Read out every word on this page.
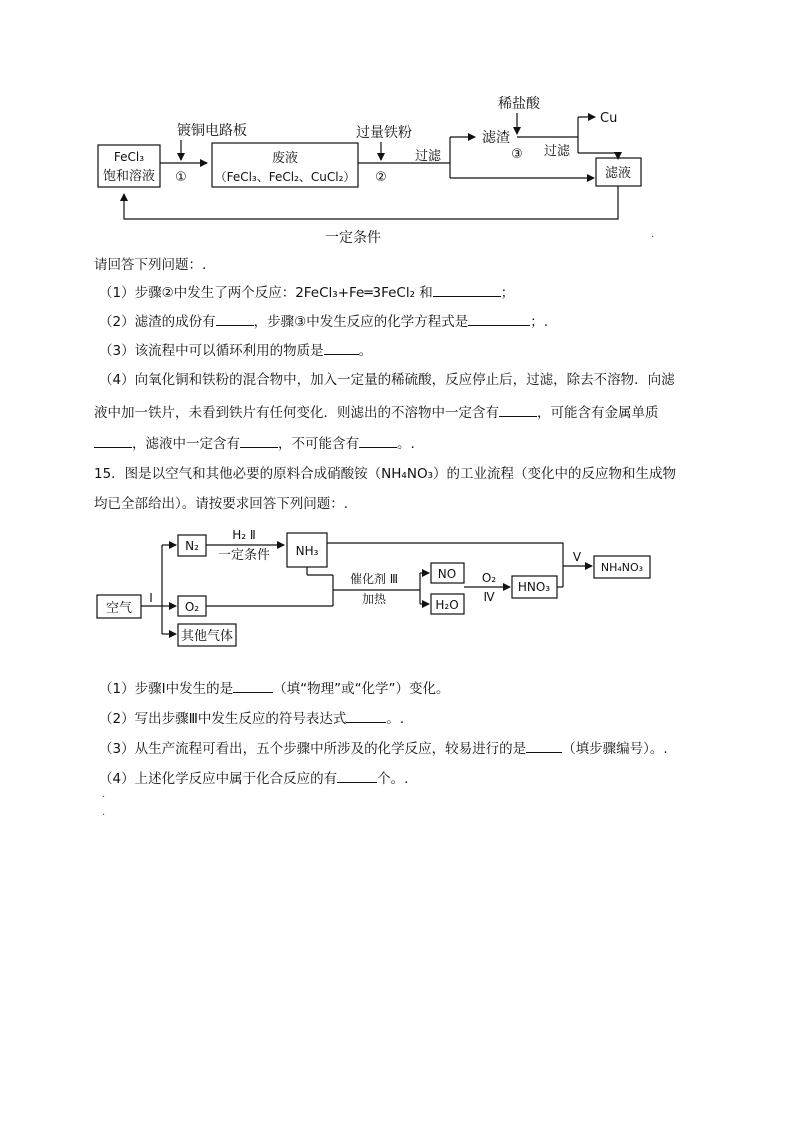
FeCl₃
饱和溶液
镀铜电路板
①
废液
（FeCl₃、FeCl₂、CuCl₂）
过量铁粉
②
过滤
滤渣
稀盐酸
③ 过滤
Cu
滤液
一定条件
请回答下列问题：.
（1）步骤②中发生了两个反应：2FeCl₃+Fe═3FeCl₂ 和	；
（2）滤渣的成份有	，步骤③中发生反应的化学方程式是	；.
（3）该流程中可以循环利用的物质是	。
（4）向氧化铜和铁粉的混合物中，加入一定量的稀硫酸，反应停止后，过滤，除去不溶物．向滤
液中加一铁片，未看到铁片有任何变化．则滤出的不溶物中一定含有	，可能含有金属单质
，滤液中一定含有	，不可能含有	。.
15．图是以空气和其他必要的原料合成硝酸铵（NH₄NO₃）的工业流程（变化中的反应物和生成物
均已全部给出）。请按要求回答下列问题：.
空气
Ⅰ
N₂
O₂
其他气体
H₂ Ⅱ
一定条件 NH₃
催化剂 Ⅲ
加热
NO
H₂O
O₂
Ⅳ
HNO₃
Ⅴ
NH₄NO₃
（1）步骤Ⅰ中发生的是	（填“物理”或“化学”）变化。
（2）写出步骤Ⅲ中发生反应的符号表达式	。.
（3）从生产流程可看出，五个步骤中所涉及的化学反应，较易进行的是	（填步骤编号）。.
（4）上述化学反应中属于化合反应的有	个。.
·
·
·
